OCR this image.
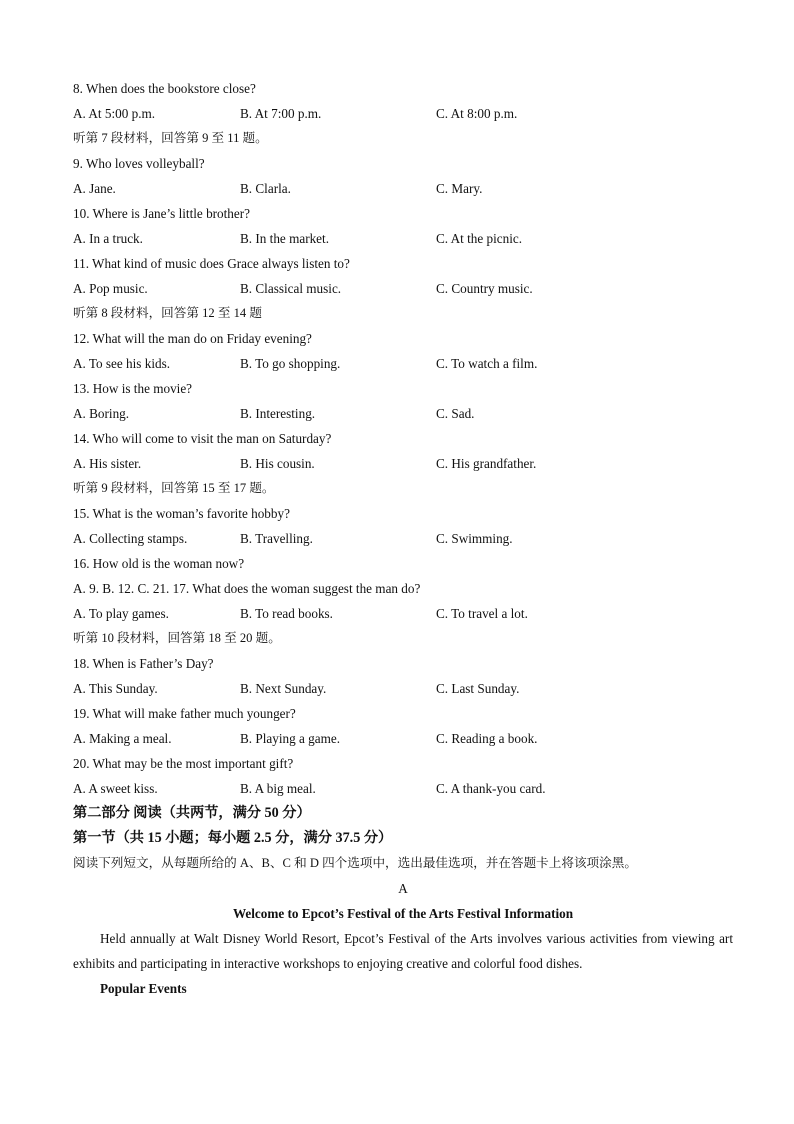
8. When does the bookstore close?
A. At 5:00 p.m.	B. At 7:00 p.m.	C. At 8:00 p.m.
听第 7 段材料，回答第 9 至 11 题。
9. Who loves volleyball?
A. Jane.	B. Clarla.	C. Mary.
10. Where is Jane’s little brother?
A. In a truck.	B. In the market.	C. At the picnic.
11. What kind of music does Grace always listen to?
A. Pop music.	B. Classical music.	C. Country music.
听第 8 段材料，回答第 12 至 14 题
12. What will the man do on Friday evening?
A. To see his kids.	B. To go shopping.	C. To watch a film.
13. How is the movie?
A. Boring.	B. Interesting.	C. Sad.
14. Who will come to visit the man on Saturday?
A. His sister.	B. His cousin.	C. His grandfather.
听第 9 段材料，回答第 15 至 17 题。
15. What is the woman’s favorite hobby?
A. Collecting stamps.	B. Travelling.	C. Swimming.
16. How old is the woman now?
A. 9. B. 12. C. 21. 17. What does the woman suggest the man do?
A. To play games.	B. To read books.	C. To travel a lot.
听第 10 段材料，回答第 18 至 20 题。
18. When is Father’s Day?
A. This Sunday.	B. Next Sunday.	C. Last Sunday.
19. What will make father much younger?
A. Making a meal.	B. Playing a game.	C. Reading a book.
20. What may be the most important gift?
A. A sweet kiss.	B. A big meal.	C. A thank-you card.
第二部分 阅读（共两节，满分 50 分）
第一节（共 15 小题；每小题 2.5 分，满分 37.5 分）

阅读下列短文，从每题所给的 A、B、C 和 D 四个选项中，选出最佳选项，并在答题卡上将该项涂黑。

A
Welcome to Epcot’s Festival of the Arts Festival Information

Held annually at Walt Disney World Resort, Epcot’s Festival of the Arts involves various activities from viewing art exhibits and participating in interactive workshops to enjoying creative and colorful food dishes.

Popular Events
